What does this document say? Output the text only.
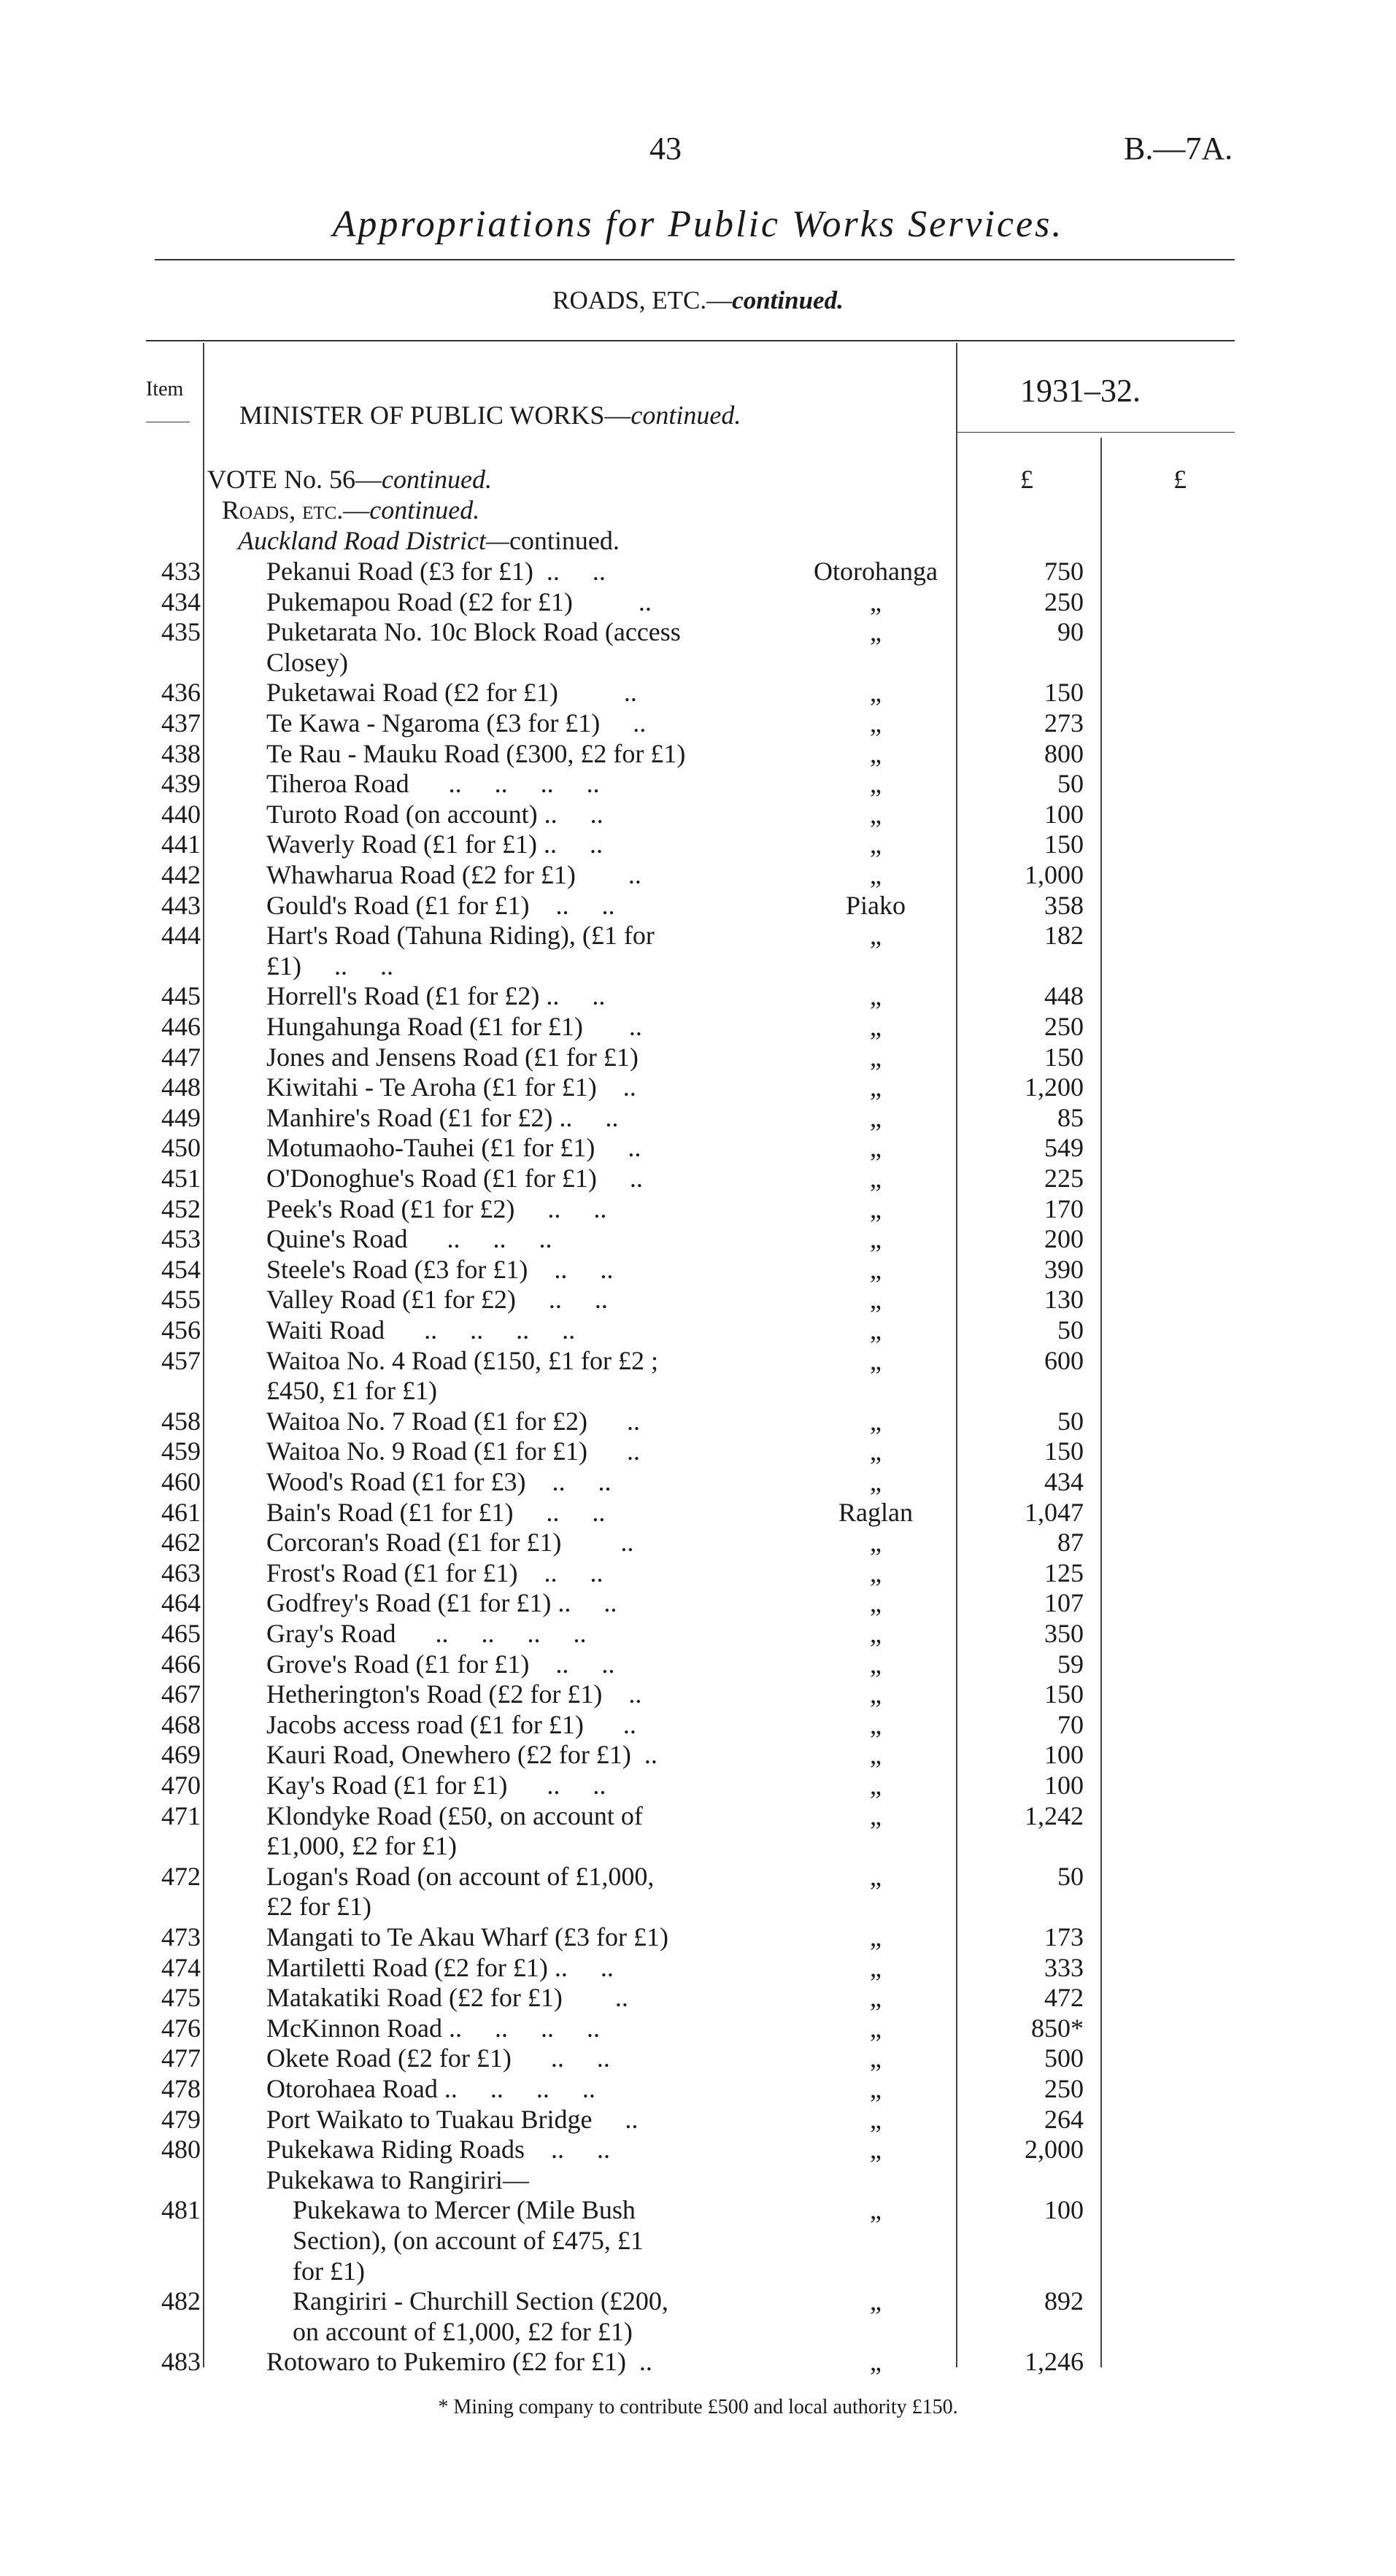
43	B.—7A.
Appropriations for Public Works Services.
ROADS, ETC.—continued.
Item
MINISTER OF PUBLIC WORKS—continued.
1931–32.
£	£
VOTE No. 56—continued.
Roads, etc.—continued.
Auckland Road District—continued.
433	Pekanui Road (£3 for £1)  ..     ..	Otorohanga	750
434	Pukemapou Road (£2 for £1)          ..	„	250
435	Puketarata No. 10c Block Road (access	„	90
Closey)
436	Puketawai Road (£2 for £1)          ..	„	150
437	Te Kawa - Ngaroma (£3 for £1)     ..	„	273
438	Te Rau - Mauku Road (£300, £2 for £1)	„	800
439	Tiheroa Road      ..     ..     ..     ..	„	50
440	Turoto Road (on account) ..     ..	„	100
441	Waverly Road (£1 for £1) ..     ..	„	150
442	Whawharua Road (£2 for £1)        ..	„	1,000
443	Gould's Road (£1 for £1)    ..     ..	Piako	358
444	Hart's Road (Tahuna Riding), (£1 for	„	182
£1)     ..     ..
445	Horrell's Road (£1 for £2) ..     ..	„	448
446	Hungahunga Road (£1 for £1)       ..	„	250
447	Jones and Jensens Road (£1 for £1)	„	150
448	Kiwitahi - Te Aroha (£1 for £1)    ..	„	1,200
449	Manhire's Road (£1 for £2) ..     ..	„	85
450	Motumaoho-Tauhei (£1 for £1)     ..	„	549
451	O'Donoghue's Road (£1 for £1)     ..	„	225
452	Peek's Road (£1 for £2)     ..     ..	„	170
453	Quine's Road      ..     ..     ..	„	200
454	Steele's Road (£3 for £1)    ..     ..	„	390
455	Valley Road (£1 for £2)     ..     ..	„	130
456	Waiti Road      ..     ..     ..     ..	„	50
457	Waitoa No. 4 Road (£150, £1 for £2 ;	„	600
£450, £1 for £1)
458	Waitoa No. 7 Road (£1 for £2)      ..	„	50
459	Waitoa No. 9 Road (£1 for £1)      ..	„	150
460	Wood's Road (£1 for £3)    ..     ..	„	434
461	Bain's Road (£1 for £1)     ..     ..	Raglan	1,047
462	Corcoran's Road (£1 for £1)         ..	„	87
463	Frost's Road (£1 for £1)    ..     ..	„	125
464	Godfrey's Road (£1 for £1) ..     ..	„	107
465	Gray's Road      ..     ..     ..     ..	„	350
466	Grove's Road (£1 for £1)    ..     ..	„	59
467	Hetherington's Road (£2 for £1)    ..	„	150
468	Jacobs access road (£1 for £1)      ..	„	70
469	Kauri Road, Onewhero (£2 for £1)  ..	„	100
470	Kay's Road (£1 for £1)      ..     ..	„	100
471	Klondyke Road (£50, on account of	„	1,242
£1,000, £2 for £1)
472	Logan's Road (on account of £1,000,	„	50
£2 for £1)
473	Mangati to Te Akau Wharf (£3 for £1)	„	173
474	Martiletti Road (£2 for £1) ..     ..	„	333
475	Matakatiki Road (£2 for £1)        ..	„	472
476	McKinnon Road ..     ..     ..     ..	„	850*
477	Okete Road (£2 for £1)      ..     ..	„	500
478	Otorohaea Road ..     ..     ..     ..	„	250
479	Port Waikato to Tuakau Bridge     ..	„	264
480	Pukekawa Riding Roads    ..     ..	„	2,000
Pukekawa to Rangiriri—
481	Pukekawa to Mercer (Mile Bush	„	100
Section), (on account of £475, £1
for £1)
482	Rangiriri - Churchill Section (£200,	„	892
on account of £1,000, £2 for £1)
483	Rotowaro to Pukemiro (£2 for £1)  ..	„	1,246
* Mining company to contribute £500 and local authority £150.
